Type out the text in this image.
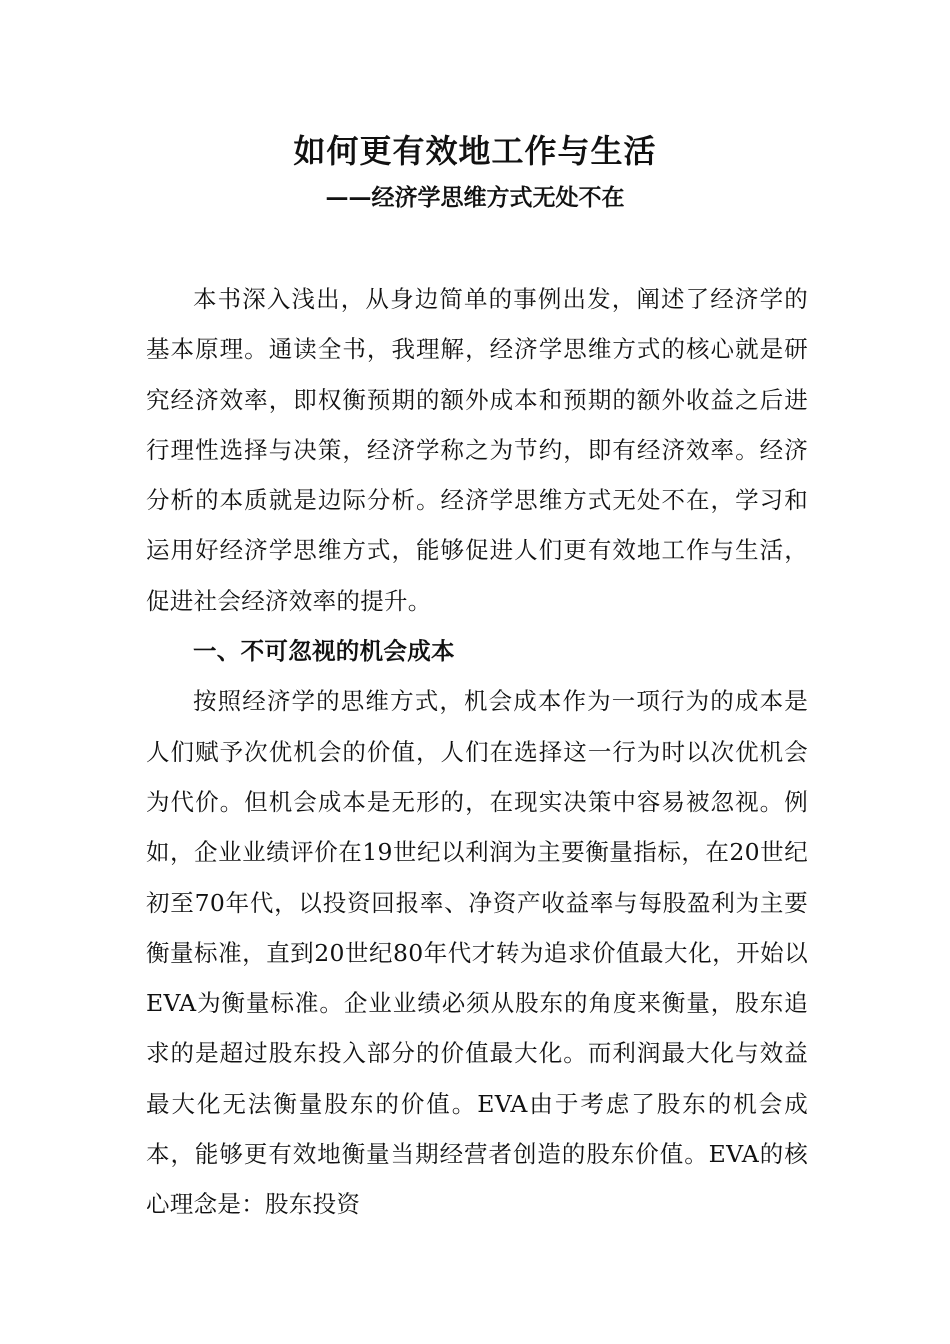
如何更有效地工作与生活
——经济学思维方式无处不在

本书深入浅出，从身边简单的事例出发，阐述了经济学的基本原理。通读全书，我理解，经济学思维方式的核心就是研究经济效率，即权衡预期的额外成本和预期的额外收益之后进行理性选择与决策，经济学称之为节约，即有经济效率。经济分析的本质就是边际分析。经济学思维方式无处不在，学习和运用好经济学思维方式，能够促进人们更有效地工作与生活，促进社会经济效率的提升。

一、不可忽视的机会成本

按照经济学的思维方式，机会成本作为一项行为的成本是人们赋予次优机会的价值，人们在选择这一行为时以次优机会为代价。但机会成本是无形的，在现实决策中容易被忽视。例如，企业业绩评价在19世纪以利润为主要衡量指标，在20世纪初至70年代，以投资回报率、净资产收益率与每股盈利为主要衡量标准，直到20世纪80年代才转为追求价值最大化，开始以EVA为衡量标准。企业业绩必须从股东的角度来衡量，股东追求的是超过股东投入部分的价值最大化。而利润最大化与效益最大化无法衡量股东的价值。EVA由于考虑了股东的机会成本，能够更有效地衡量当期经营者创造的股东价值。EVA的核心理念是：股东投资
